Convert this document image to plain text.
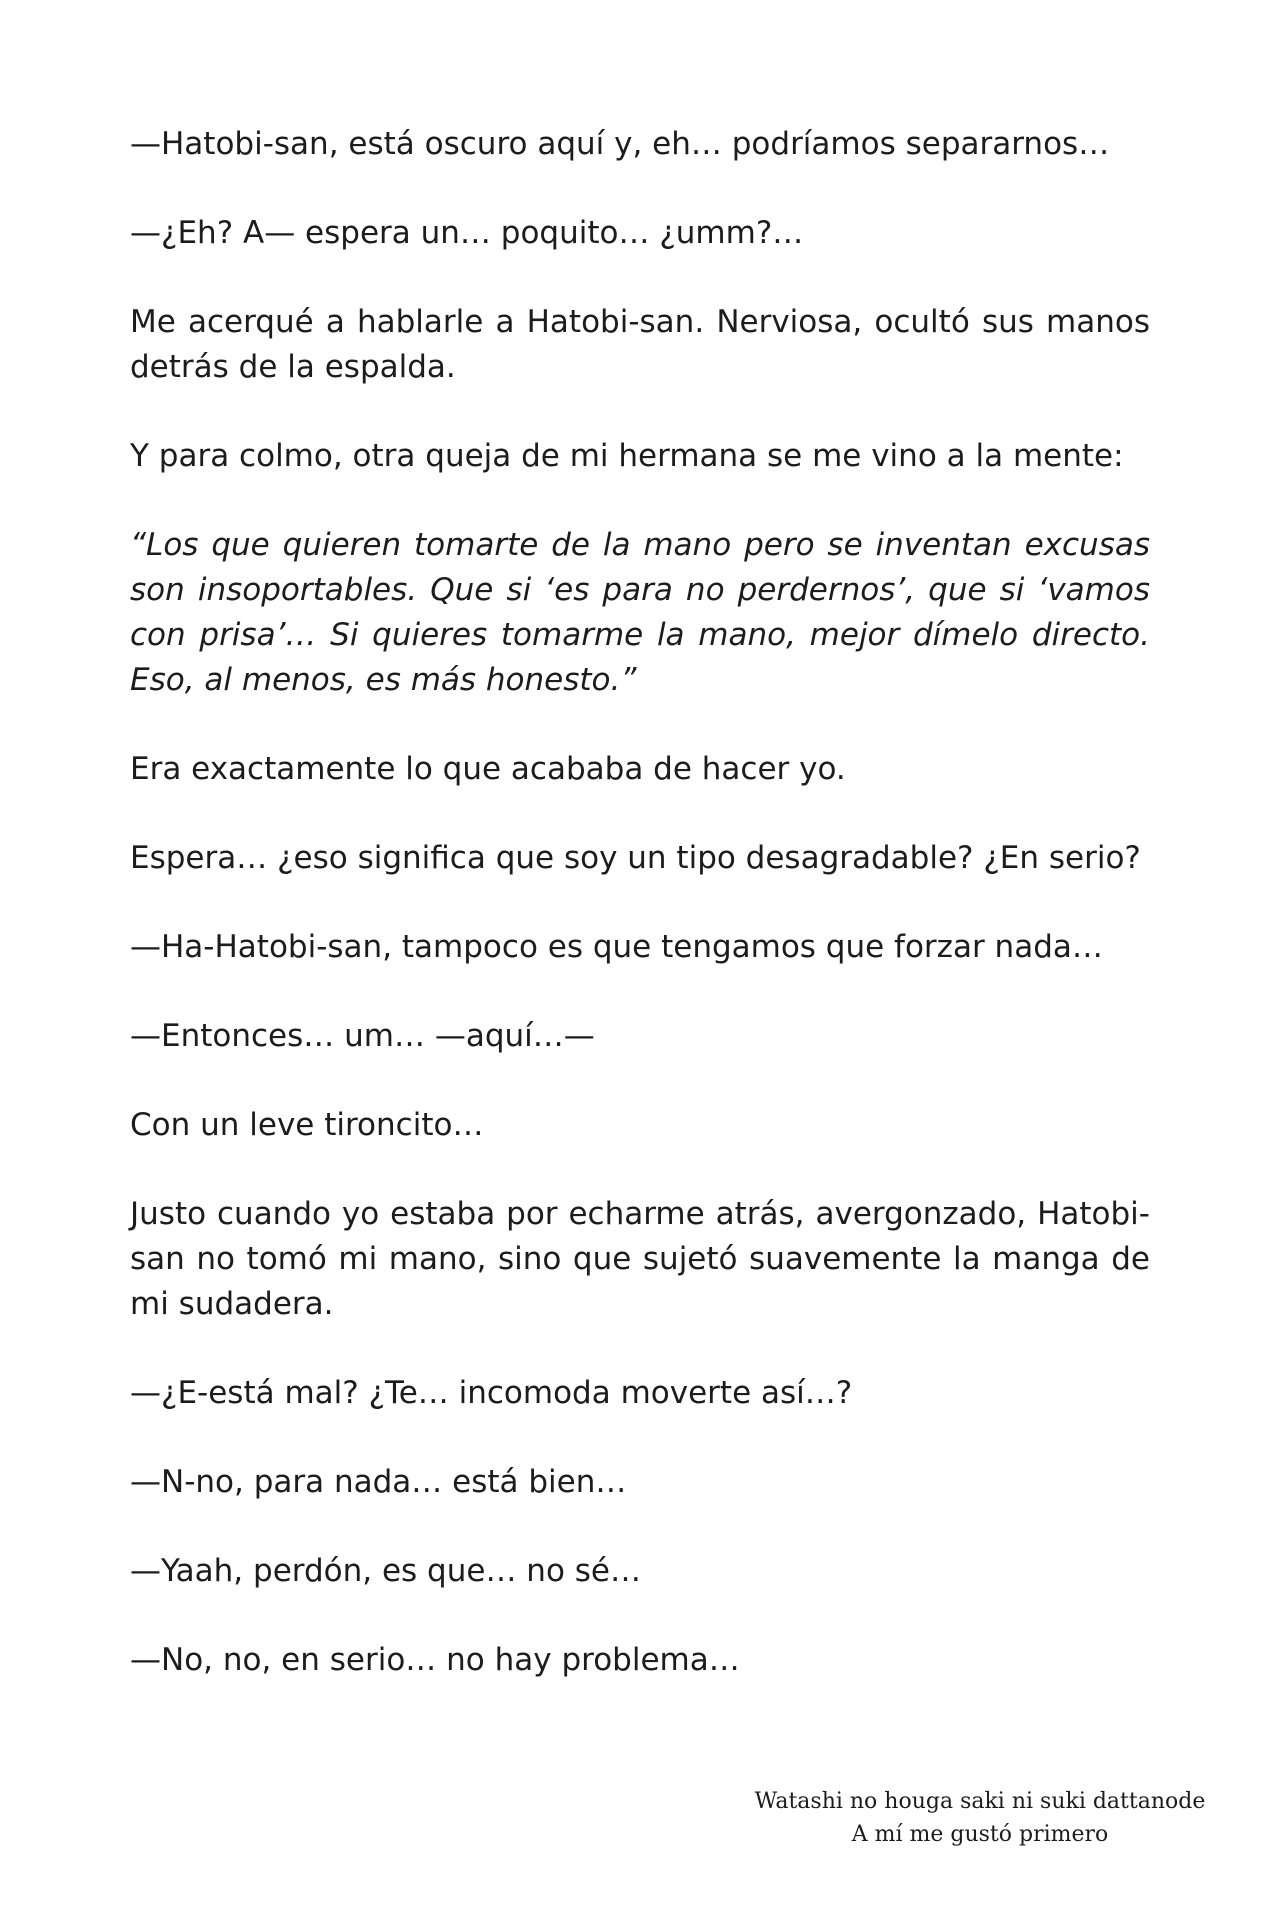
—Hatobi-san, está oscuro aquí y, eh… podríamos separarnos…

—¿Eh? A— espera un… poquito… ¿umm?…

Me acerqué a hablarle a Hatobi-san. Nerviosa, ocultó sus manos detrás de la espalda.

Y para colmo, otra queja de mi hermana se me vino a la mente:

“Los que quieren tomarte de la mano pero se inventan excusas son insoportables. Que si ‘es para no perdernos’, que si ‘vamos con prisa’… Si quieres tomarme la mano, mejor dímelo directo. Eso, al menos, es más honesto.”

Era exactamente lo que acababa de hacer yo.

Espera… ¿eso significa que soy un tipo desagradable? ¿En serio?

—Ha-Hatobi-san, tampoco es que tengamos que forzar nada…

—Entonces… um… —aquí…—

Con un leve tironcito…

Justo cuando yo estaba por echarme atrás, avergonzado, Hatobi-san no tomó mi mano, sino que sujetó suavemente la manga de mi sudadera.

—¿E-está mal? ¿Te… incomoda moverte así…?

—N-no, para nada… está bien…

—Yaah, perdón, es que… no sé…

—No, no, en serio… no hay problema…

Watashi no houga saki ni suki dattanode
A mí me gustó primero
